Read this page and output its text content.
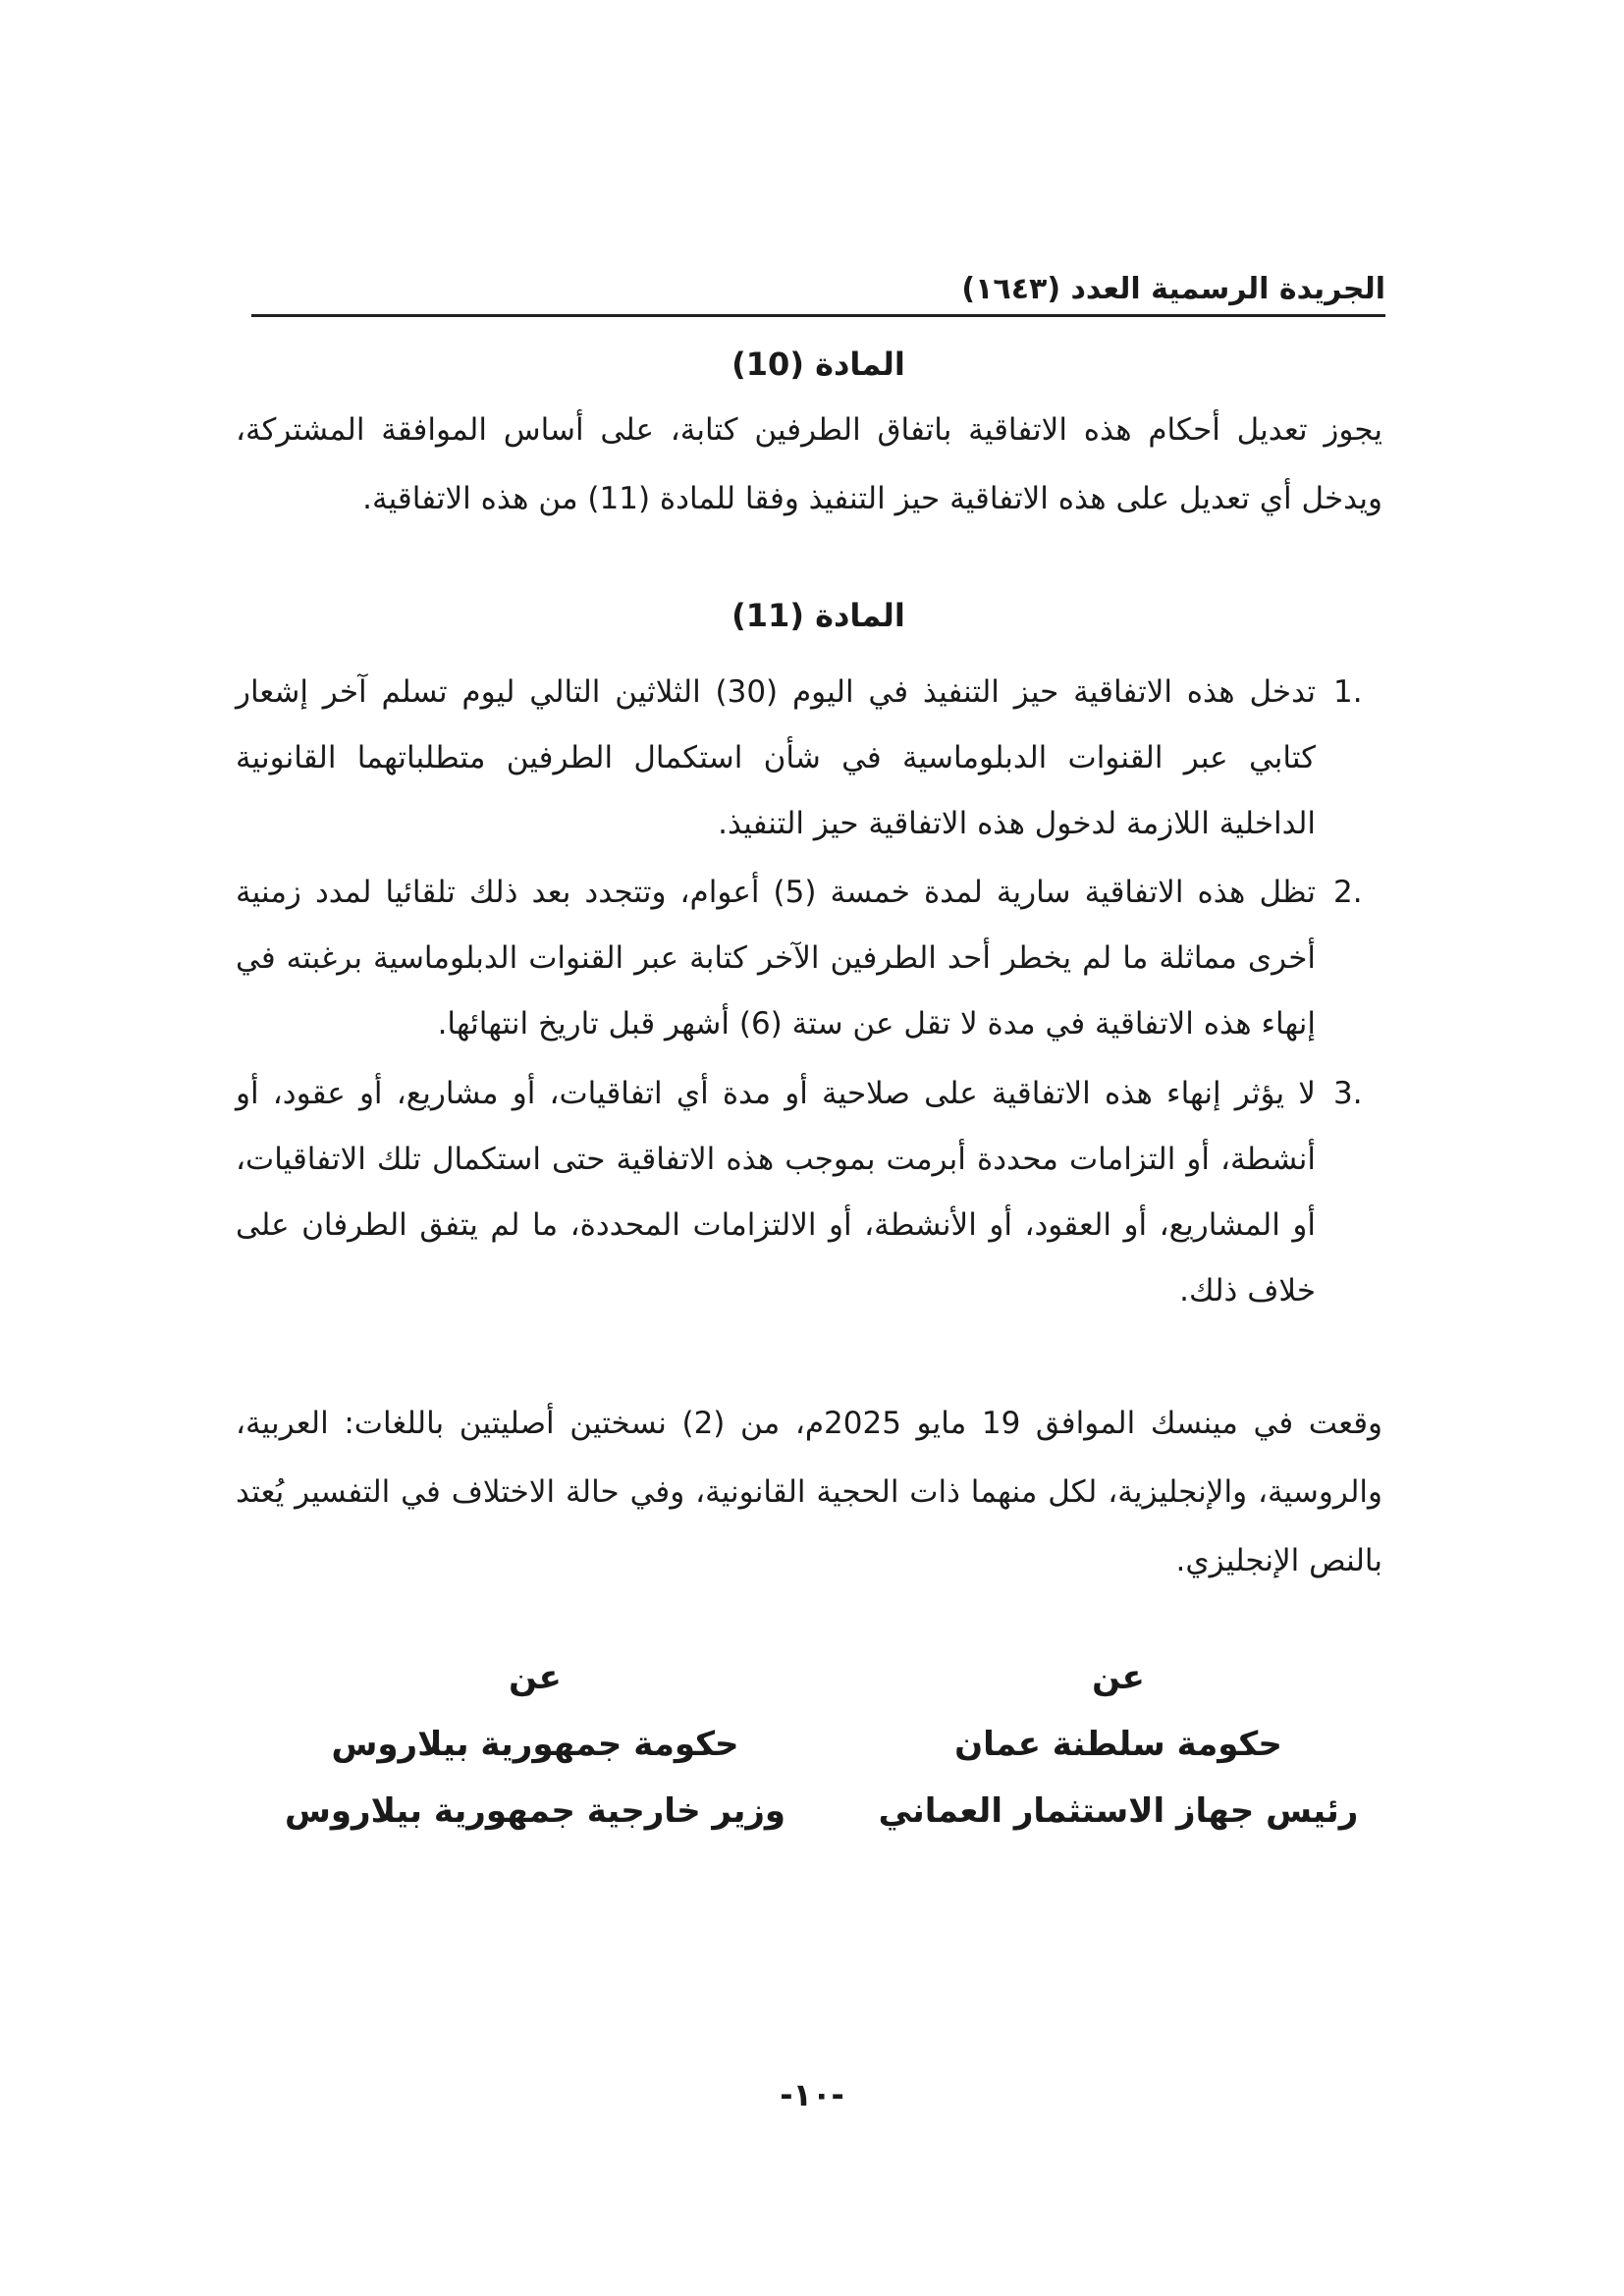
الجريدة الرسمية العدد (١٦٤٣)
المادة (10)
يجوز تعديل أحكام هذه الاتفاقية باتفاق الطرفين كتابة، على أساس الموافقة المشتركة، ويدخل أي تعديل على هذه الاتفاقية حيز التنفيذ وفقا للمادة (11) من هذه الاتفاقية.
المادة (11)
1.
تدخل هذه الاتفاقية حيز التنفيذ في اليوم (30) الثلاثين التالي ليوم تسلم آخر إشعار كتابي عبر القنوات الدبلوماسية في شأن استكمال الطرفين متطلباتهما القانونية الداخلية اللازمة لدخول هذه الاتفاقية حيز التنفيذ.
2.
تظل هذه الاتفاقية سارية لمدة خمسة (5) أعوام، وتتجدد بعد ذلك تلقائيا لمدد زمنية أخرى مماثلة ما لم يخطر أحد الطرفين الآخر كتابة عبر القنوات الدبلوماسية برغبته في إنهاء هذه الاتفاقية في مدة لا تقل عن ستة (6) أشهر قبل تاريخ انتهائها.
3.
لا يؤثر إنهاء هذه الاتفاقية على صلاحية أو مدة أي اتفاقيات، أو مشاريع، أو عقود، أو أنشطة، أو التزامات محددة أبرمت بموجب هذه الاتفاقية حتى استكمال تلك الاتفاقيات، أو المشاريع، أو العقود، أو الأنشطة، أو الالتزامات المحددة، ما لم يتفق الطرفان على خلاف ذلك.
وقعت في مينسك الموافق 19 مايو 2025م، من (2) نسختين أصليتين باللغات: العربية، والروسية، والإنجليزية، لكل منهما ذات الحجية القانونية، وفي حالة الاختلاف في التفسير يُعتد بالنص الإنجليزي.
عن
حكومة سلطنة عمان
رئيس جهاز الاستثمار العماني
عن
حكومة جمهورية بيلاروس
وزير خارجية جمهورية بيلاروس
-١٠-
